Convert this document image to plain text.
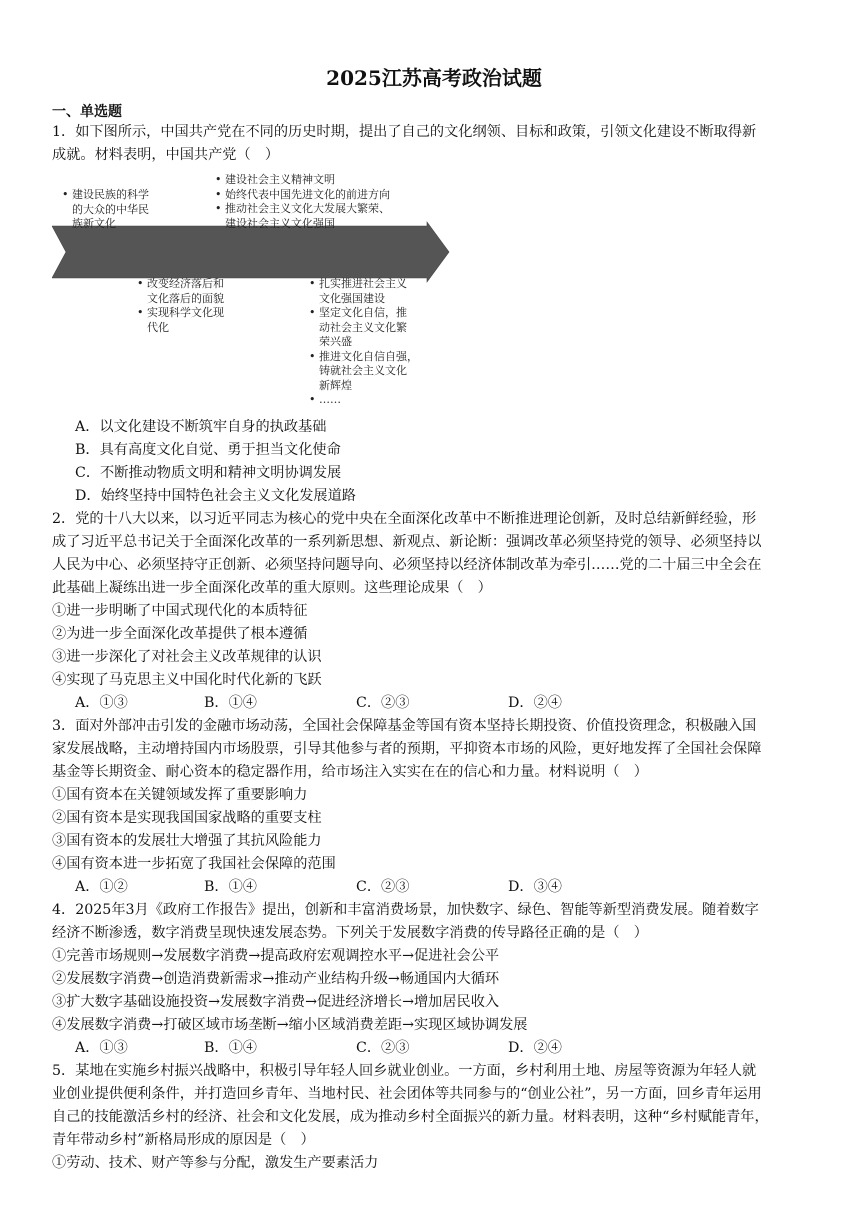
2025江苏高考政治试题
一、单选题
1．如下图所示，中国共产党在不同的历史时期，提出了自己的文化纲领、目标和政策，引领文化建设不断取得新
成就。材料表明，中国共产党（　）
• 建设民族的科学
的大众的中华民
族新文化
• 建设社会主义精神文明
• 始终代表中国先进文化的前进方向
• 推动社会主义文化大发展大繁荣、
建设社会主义文化强国
• 改变经济落后和
文化落后的面貌
• 实现科学文化现
代化
• 扎实推进社会主义
文化强国建设
• 坚定文化自信，推
动社会主义文化繁
荣兴盛
• 推进文化自信自强，
铸就社会主义文化
新辉煌
• ……
A．以文化建设不断筑牢自身的执政基础
B．具有高度文化自觉、勇于担当文化使命
C．不断推动物质文明和精神文明协调发展
D．始终坚持中国特色社会主义文化发展道路
2．党的十八大以来，以习近平同志为核心的党中央在全面深化改革中不断推进理论创新，及时总结新鲜经验，形
成了习近平总书记关于全面深化改革的一系列新思想、新观点、新论断：强调改革必须坚持党的领导、必须坚持以
人民为中心、必须坚持守正创新、必须坚持问题导向、必须坚持以经济体制改革为牵引……党的二十届三中全会在
此基础上凝练出进一步全面深化改革的重大原则。这些理论成果（　）
①进一步明晰了中国式现代化的本质特征
②为进一步全面深化改革提供了根本遵循
③进一步深化了对社会主义改革规律的认识
④实现了马克思主义中国化时代化新的飞跃
A．①③	B．①④	C．②③	D．②④
3．面对外部冲击引发的金融市场动荡，全国社会保障基金等国有资本坚持长期投资、价值投资理念，积极融入国
家发展战略，主动增持国内市场股票，引导其他参与者的预期，平抑资本市场的风险，更好地发挥了全国社会保障
基金等长期资金、耐心资本的稳定器作用，给市场注入实实在在的信心和力量。材料说明（　）
①国有资本在关键领域发挥了重要影响力
②国有资本是实现我国国家战略的重要支柱
③国有资本的发展壮大增强了其抗风险能力
④国有资本进一步拓宽了我国社会保障的范围
A．①②	B．①④	C．②③	D．③④
4．2025年3月《政府工作报告》提出，创新和丰富消费场景，加快数字、绿色、智能等新型消费发展。随着数字
经济不断渗透，数字消费呈现快速发展态势。下列关于发展数字消费的传导路径正确的是（　）
①完善市场规则→发展数字消费→提高政府宏观调控水平→促进社会公平
②发展数字消费→创造消费新需求→推动产业结构升级→畅通国内大循环
③扩大数字基础设施投资→发展数字消费→促进经济增长→增加居民收入
④发展数字消费→打破区域市场垄断→缩小区域消费差距→实现区域协调发展
A．①③	B．①④	C．②③	D．②④
5．某地在实施乡村振兴战略中，积极引导年轻人回乡就业创业。一方面，乡村利用土地、房屋等资源为年轻人就
业创业提供便利条件，并打造回乡青年、当地村民、社会团体等共同参与的“创业公社”，另一方面，回乡青年运用
自己的技能激活乡村的经济、社会和文化发展，成为推动乡村全面振兴的新力量。材料表明，这种“乡村赋能青年，
青年带动乡村”新格局形成的原因是（　）
①劳动、技术、财产等参与分配，激发生产要素活力
